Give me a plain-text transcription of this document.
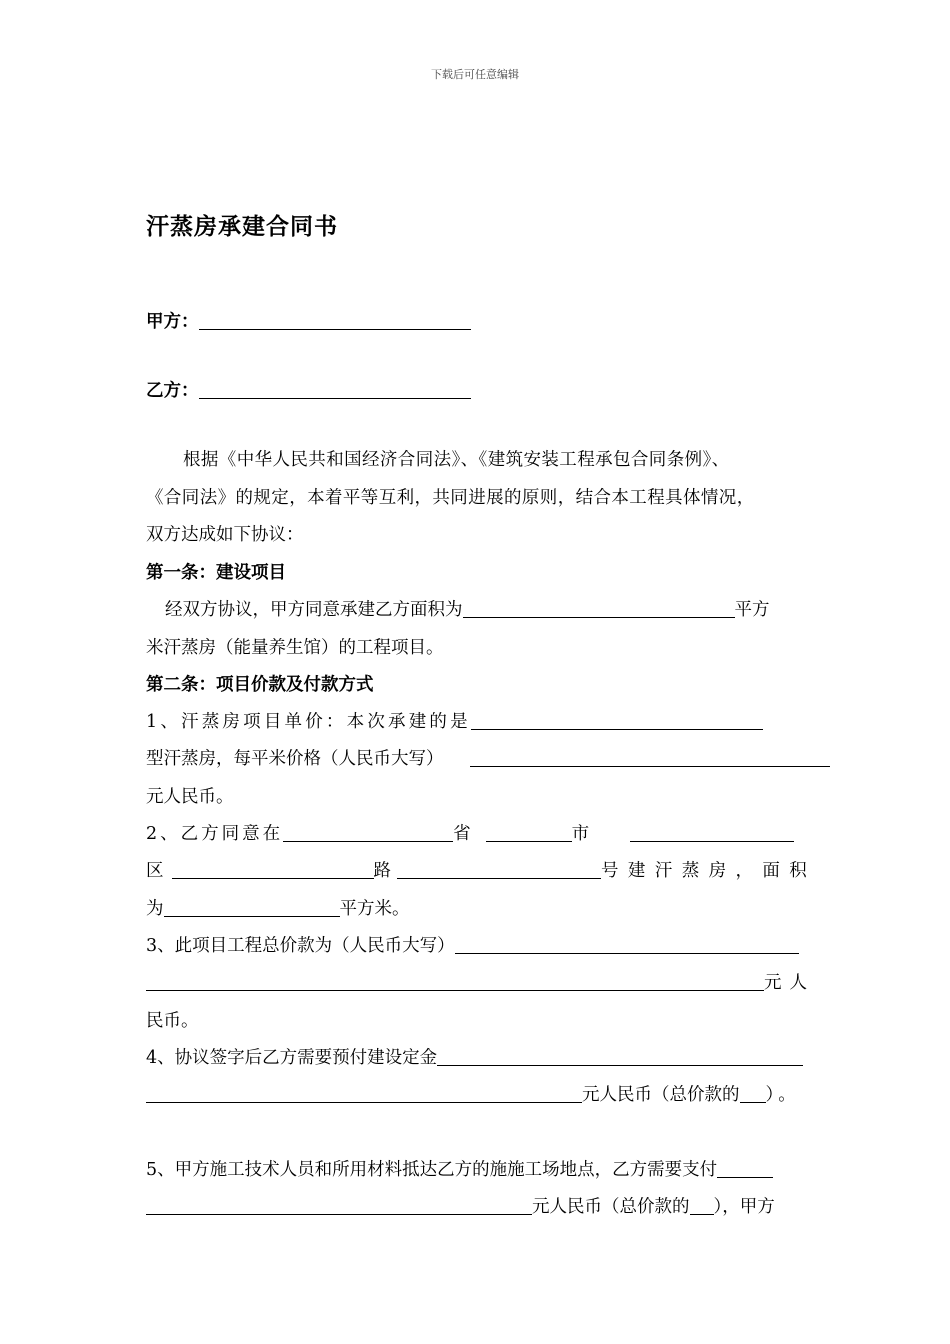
下载后可任意编辑
汗蒸房承建合同书
甲方：
乙方：
根据《中华人民共和国经济合同法》、《建筑安装工程承包合同条例》、
《合同法》的规定，本着平等互利，共同进展的原则，结合本工程具体情况，
双方达成如下协议：
第一条：建设项目
经双方协议，甲方同意承建乙方面积为	平方
米汗蒸房（能量养生馆）的工程项目。
第二条：项目价款及付款方式
1、汗蒸房项目单价：本次承建的是
型汗蒸房，每平米价格（人民币大写）
元人民币。
2、乙方同意在	省	市
区	路	号建汗蒸房，面积
为	平方米。
3、此项目工程总价款为（人民币大写）
元人
民币。
4、协议签字后乙方需要预付建设定金
元人民币（总价款的 ）。
5、甲方施工技术人员和所用材料抵达乙方的施施工场地点，乙方需要支付
元人民币（总价款的 ），甲方
